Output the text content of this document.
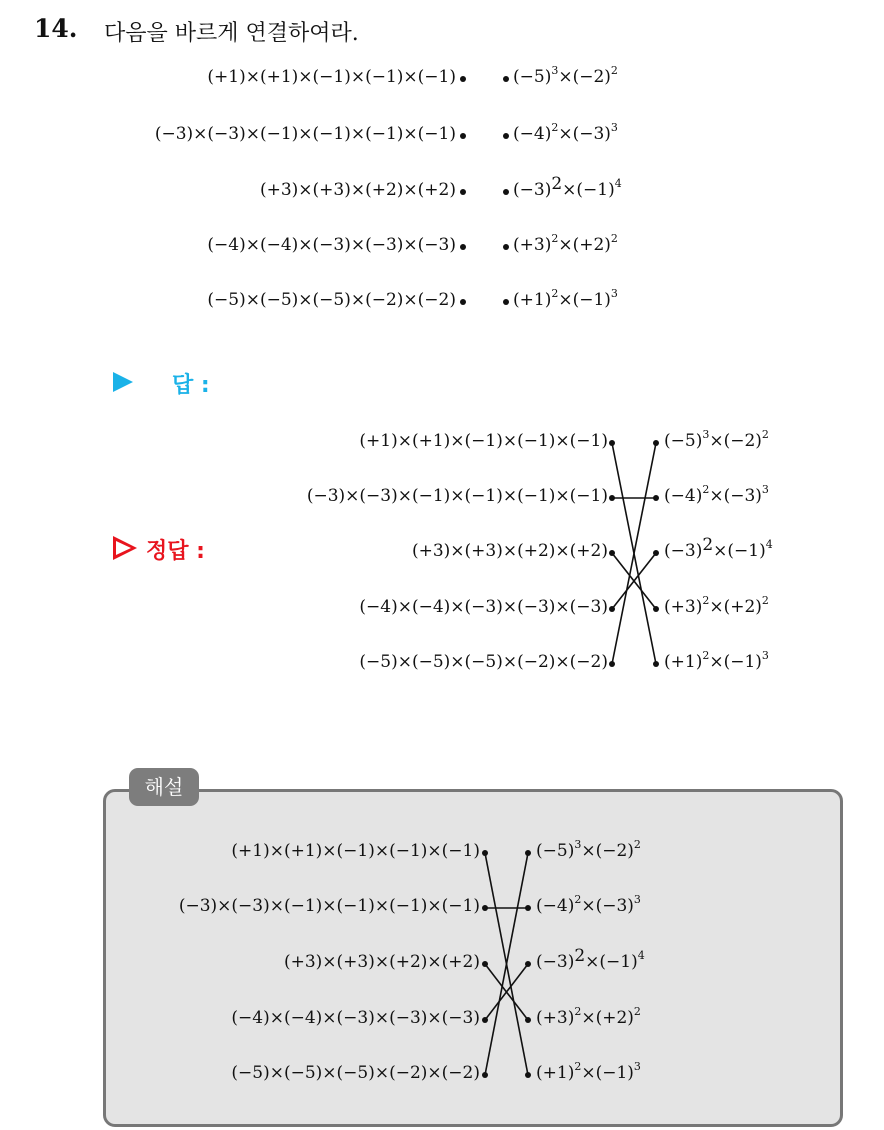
14. 다음을 바르게 연결하여라.
답 :
정답 :
해설
(+1)×(+1)×(−1)×(−1)×(−1)	$(-5)^3\times(-2)^2$
(−3)×(−3)×(−1)×(−1)×(−1)×(−1)	$(-4)^2\times(-3)^3$
(+3)×(+3)×(+2)×(+2)	$(-3)^2\times(-1)^4$
(−4)×(−4)×(−3)×(−3)×(−3)	$(+3)^2\times(+2)^2$
(−5)×(−5)×(−5)×(−2)×(−2)	$(+1)^2\times(-1)^3$
(+1)×(+1)×(−1)×(−1)×(−1)	$(-5)^3\times(-2)^2$
(−3)×(−3)×(−1)×(−1)×(−1)×(−1)	$(-4)^2\times(-3)^3$
(+3)×(+3)×(+2)×(+2)	$(-3)^2\times(-1)^4$
(−4)×(−4)×(−3)×(−3)×(−3)	$(+3)^2\times(+2)^2$
(−5)×(−5)×(−5)×(−2)×(−2)	$(+1)^2\times(-1)^3$
(+1)×(+1)×(−1)×(−1)×(−1)	$(-5)^3\times(-2)^2$
(−3)×(−3)×(−1)×(−1)×(−1)×(−1)	$(-4)^2\times(-3)^3$
(+3)×(+3)×(+2)×(+2)	$(-3)^2\times(-1)^4$
(−4)×(−4)×(−3)×(−3)×(−3)	$(+3)^2\times(+2)^2$
(−5)×(−5)×(−5)×(−2)×(−2)	$(+1)^2\times(-1)^3$
